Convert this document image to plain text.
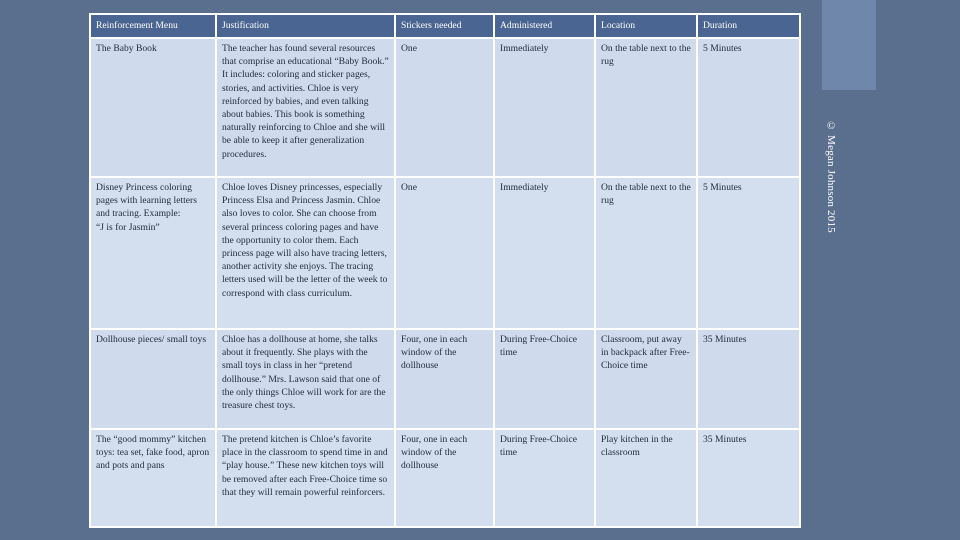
© Megan Johnson 2015
Reinforcement Menu	Justification	Stickers needed	Administered	Location	Duration
The Baby Book	The teacher has found several resources that comprise an educational “Baby Book.” It includes: coloring and sticker pages, stories, and activities. Chloe is very reinforced by babies, and even talking about babies. This book is something naturally reinforcing to Chloe and she will be able to keep it after generalization procedures.	One	Immediately	On the table next to the rug	5 Minutes

Disney Princess coloring pages with learning letters and tracing. Example:
“J is for Jasmin”	Chloe loves Disney princesses, especially Princess Elsa and Princess Jasmin. Chloe also loves to color. She can choose from several princess coloring pages and have the opportunity to color them. Each princess page will also have tracing letters, another activity she enjoys. The tracing letters used will be the letter of the week to correspond with class curriculum.	One	Immediately	On the table next to the rug	5 Minutes
Dollhouse pieces/ small toys	Chloe has a dollhouse at home, she talks about it frequently. She plays with the small toys in class in her “pretend dollhouse.” Mrs. Lawson said that one of the only things Chloe will work for are the treasure chest toys.	Four, one in each window of the dollhouse	During Free-Choice time	Classroom, put away in backpack after Free- Choice time	35 Minutes
The “good mommy” kitchen toys: tea set, fake food, apron and pots and pans	The pretend kitchen is Chloe’s favorite place in the classroom to spend time in and “play house.” These new kitchen toys will be removed after each Free-Choice time so that they will remain powerful reinforcers.	Four, one in each window of the dollhouse	During Free-Choice time	Play kitchen in the classroom	35 Minutes
